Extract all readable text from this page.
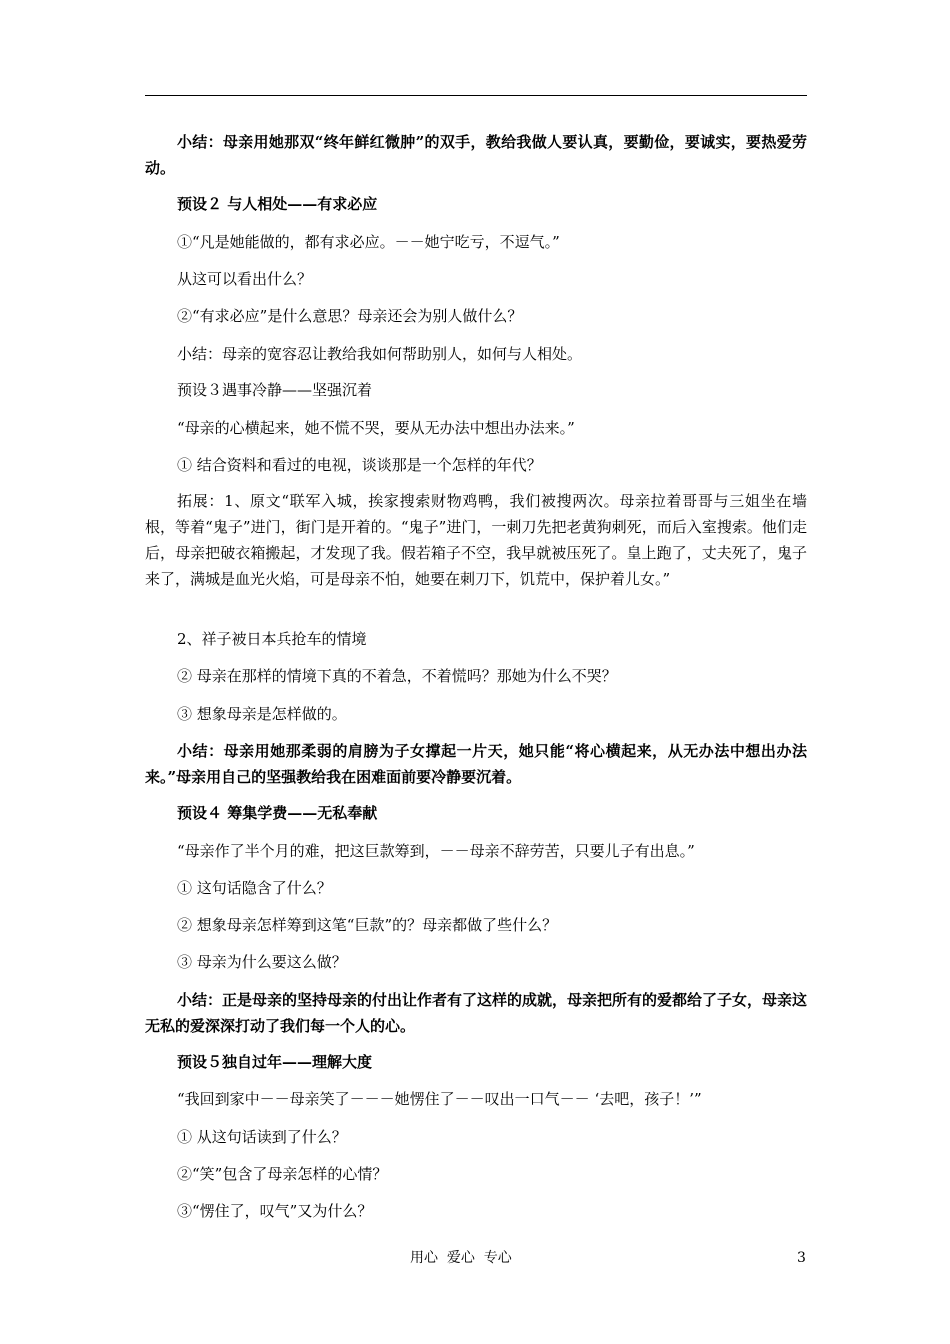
小结：母亲用她那双“终年鲜红微肿”的双手，教给我做人要认真，要勤俭，要诚实，要热爱劳动。

预设２ 与人相处——有求必应

①“凡是她能做的，都有求必应。－－她宁吃亏，不逗气。”

从这可以看出什么？

②“有求必应”是什么意思？母亲还会为别人做什么？

小结：母亲的宽容忍让教给我如何帮助别人，如何与人相处。

预设３遇事冷静——坚强沉着

“母亲的心横起来，她不慌不哭，要从无办法中想出办法来。”

① 结合资料和看过的电视，谈谈那是一个怎样的年代？

拓展：1、原文“联军入城，挨家搜索财物鸡鸭，我们被搜两次。母亲拉着哥哥与三姐坐在墙根，等着“鬼子”进门，街门是开着的。“鬼子”进门，一刺刀先把老黄狗刺死，而后入室搜索。他们走后，母亲把破衣箱搬起，才发现了我。假若箱子不空，我早就被压死了。皇上跑了，丈夫死了，鬼子来了，满城是血光火焰，可是母亲不怕，她要在刺刀下，饥荒中，保护着儿女。”

2、祥子被日本兵抢车的情境

② 母亲在那样的情境下真的不着急，不着慌吗？那她为什么不哭？

③ 想象母亲是怎样做的。

小结：母亲用她那柔弱的肩膀为子女撑起一片天，她只能“将心横起来，从无办法中想出办法来。”母亲用自己的坚强教给我在困难面前要冷静要沉着。

预设４ 筹集学费——无私奉献

“母亲作了半个月的难，把这巨款筹到，－－母亲不辞劳苦，只要儿子有出息。”

① 这句话隐含了什么？

② 想象母亲怎样筹到这笔“巨款”的？母亲都做了些什么？

③ 母亲为什么要这么做？

小结：正是母亲的坚持母亲的付出让作者有了这样的成就，母亲把所有的爱都给了子女，母亲这无私的爱深深打动了我们每一个人的心。

预设５独自过年——理解大度

“我回到家中－－母亲笑了－－－她愣住了－－叹出一口气－－ ‘去吧，孩子！’”

① 从这句话读到了什么？

②“笑”包含了母亲怎样的心情？

③“愣住了，叹气”又为什么？

用心  爱心  专心	3
